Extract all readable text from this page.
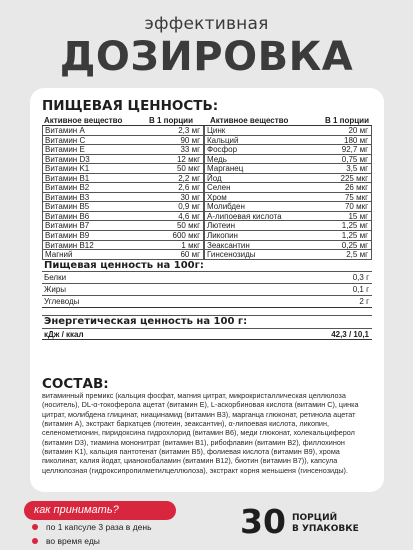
эффективная
ДОЗИРОВКА
ПИЩЕВАЯ ЦЕННОСТЬ:
Активное вещество	В 1 порции	Активное вещество	В 1 порции
Витамин A	2,3 мг Цинк	20 мг
Витамин C	90 мг Кальций	180 мг
Витамин E	33 мг Фосфор	92,7 мг
Витамин D3	12 мкг Медь	0,75 мг
Витамин K1	50 мкг Марганец	3,5 мг
Витамин B1	2,2 мг Йод	225 мкг
Витамин B2	2,6 мг Селен	26 мкг
Витамин B3	30 мг Хром	75 мкг
Витамин B5	0,9 мг Молибден	70 мкг
Витамин B6	4,6 мг А-липоевая кислота	15 мг
Витамин B7	50 мкг Лютеин	1,25 мг
Витамин B9	600 мкг Ликопин	1,25 мг
Витамин B12	1 мкг Зеаксантин	0,25 мг
Магний	60 мг Гинсенозиды	2,5 мг
Пищевая ценность на 100г:
Белки	0,3 г
Жиры	0,1 г
Углеводы	2 г
Энергетическая ценность на 100 г:
кДж / ккал	42,3 / 10,1
СОСТАВ:
витаминный премикс (кальция фосфат, магния цитрат, микрокристаллическая целлюлоза (носитель), DL-α-токоферола ацетат (витамин E), L-аскорбиновая кислота (витамин C), цинка цитрат, молибдена глицинат, ниацинамид (витамин B3), марганца глюконат, ретинола ацетат (витамин A), экстракт бархатцев (лютеин, зеаксантин), α-липоевая кислота, ликопин, селенометионин, пиридоксина гидрохлорид (витамин B6), меди глюконат, холекальциферол (витамин D3), тиамина мононитрат (витамин B1), рибофлавин (витамин B2), филлохинон (витамин K1), кальция пантотенат (витамин B5), фолиевая кислота (витамин B9), хрома пиколинат, калия йодат, цианокобаламин (витамин B12), биотин (витамин B7)), капсула целлюлозная (гидроксипропилметилцеллюлоза), экстракт корня женьшеня (гинсенозиды).
как принимать?
по 1 капсуле 3 раза в день
во время еды	30 ПОРЦИЙ
В УПАКОВКЕ
